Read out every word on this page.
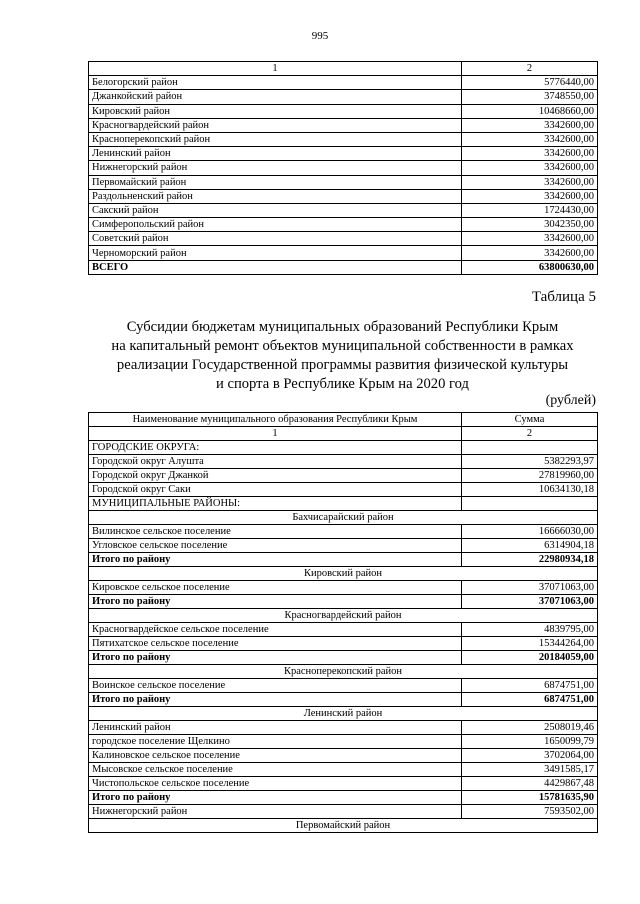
995
1	2
Белогорский район	5776440,00
Джанкойский район	3748550,00
Кировский район	10468660,00
Красногвардейский район	3342600,00
Красноперекопский район	3342600,00
Ленинский район	3342600,00
Нижнегорский район	3342600,00
Первомайский район	3342600,00
Раздольненский район	3342600,00
Сакский район	1724430,00
Симферопольский район	3042350,00
Советский район	3342600,00
Черноморский район	3342600,00
ВСЕГО	63800630,00
Таблица 5
Субсидии бюджетам муниципальных образований Республики Крым
на капитальный ремонт объектов муниципальной собственности в рамках
реализации Государственной программы развития физической культуры
и спорта в Республике Крым на 2020 год
(рублей)
Наименование муниципального образования Республики Крым	Сумма
1	2
ГОРОДСКИЕ ОКРУГА:	
Городской округ Алушта	5382293,97
Городской округ Джанкой	27819960,00
Городской округ Саки	10634130,18
МУНИЦИПАЛЬНЫЕ РАЙОНЫ:	
Бахчисарайский район	
Вилинское сельское поселение	16666030,00
Угловское сельское поселение	6314904,18
Итого по району	22980934,18
Кировский район	
Кировское сельское поселение	37071063,00
Итого по району	37071063,00
Красногвардейский район	
Красногвардейское сельское поселение	4839795,00
Пятихатское сельское поселение	15344264,00
Итого по району	20184059,00
Красноперекопский район	
Воинское сельское поселение	6874751,00
Итого по району	6874751,00
Ленинский район	
Ленинский район	2508019,46
городское поселение Щелкино	1650099,79
Калиновское сельское поселение	3702064,00
Мысовское сельское поселение	3491585,17
Чистопольское сельское поселение	4429867,48
Итого по району	15781635,90
Нижнегорский район	7593502,00
Первомайский район	
